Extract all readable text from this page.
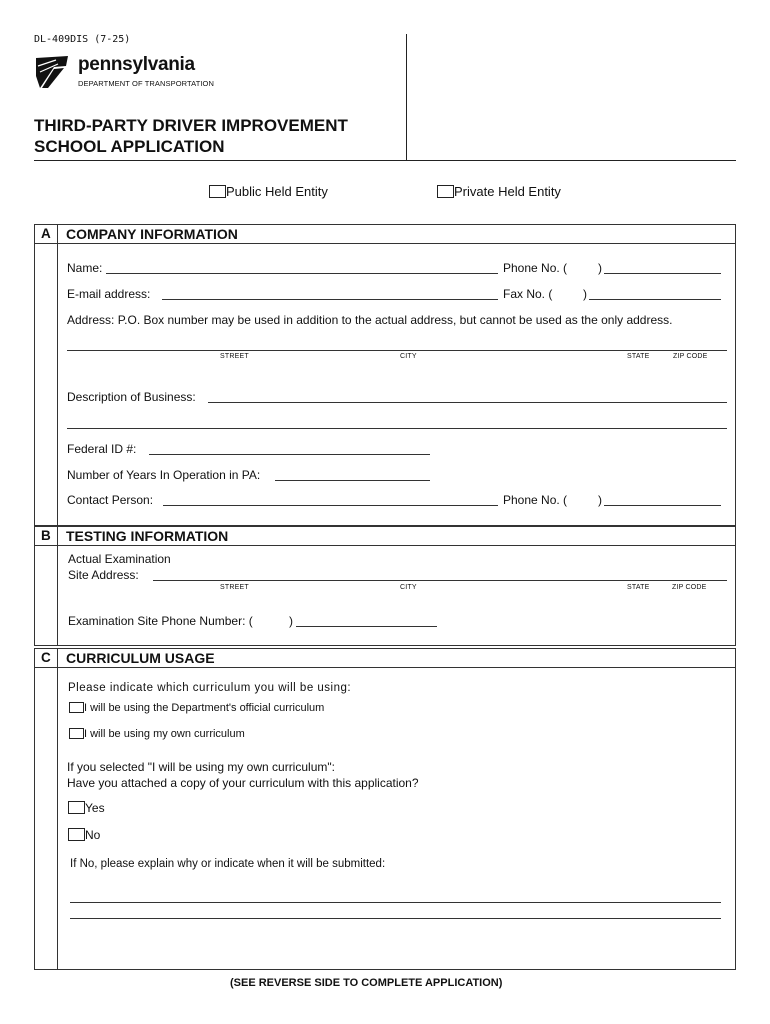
DL-409DIS (7-25)
pennsylvania
DEPARTMENT OF TRANSPORTATION
THIRD-PARTY DRIVER IMPROVEMENT
SCHOOL APPLICATION
Public Held Entity	Private Held Entity
A COMPANY INFORMATION
Name:	Phone No. (	)
E-mail address:	Fax No. (	)
Address: P.O. Box number may be used in addition to the actual address, but cannot be used as the only address.
STREET	CITY	STATE	ZIP CODE
Description of Business:
Federal ID #:
Number of Years In Operation in PA:
Contact Person:	Phone No. (	)
B TESTING INFORMATION
Actual Examination
Site Address:
STREET	CITY	STATE	ZIP CODE
Examination Site Phone Number: (	)
C CURRICULUM USAGE
Please indicate which curriculum you will be using:
I will be using the Department's official curriculum
I will be using my own curriculum
If you selected "I will be using my own curriculum":
Have you attached a copy of your curriculum with this application?
Yes
No
If No, please explain why or indicate when it will be submitted:
(SEE REVERSE SIDE TO COMPLETE APPLICATION)
